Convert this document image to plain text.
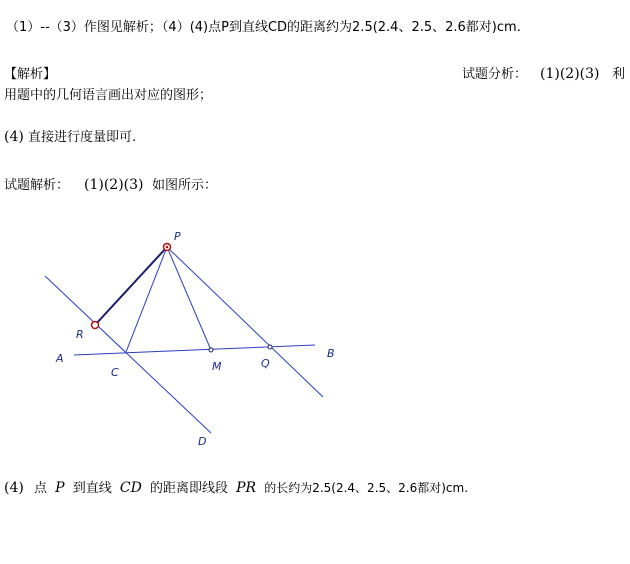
（1）--（3）作图见解析；（4）(4)点P到直线CD的距离约为2.5(2.4、2.5、2.6都对)cm.
【解析】	试题分析： (1)(2)(3) 利
用题中的几何语言画出对应的图形；
(4) 直接进行度量即可.
试题解析： (1)(2)(3) 如图所示：
P
R
A	B
C	M	Q
D
(4) 点 P 到直线 CD 的距离即线段 PR 的长约为2.5(2.4、2.5、2.6都对)cm.
